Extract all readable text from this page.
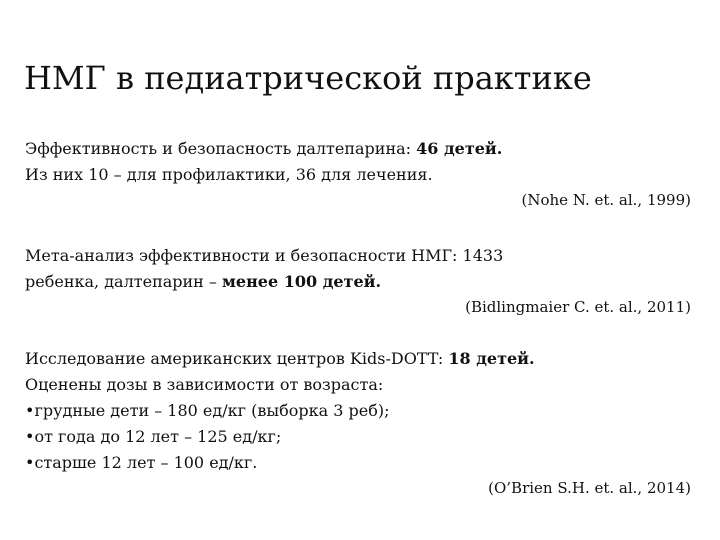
НМГ в педиатрической практике
Эффективность и безопасность далтепарина: 46 детей.
Из них 10 – для профилактики, 36 для лечения.
(Nohe N. et. al., 1999)
Мета-анализ эффективности и безопасности НМГ: 1433
ребенка, далтепарин – менее 100 детей.
(Bidlingmaier C. et. al., 2011)
Исследование американских центров Kids-DOTT: 18 детей.
Оценены дозы в зависимости от возраста:
•грудные дети – 180 ед/кг (выборка 3 реб);
•от года до 12 лет – 125 ед/кг;
•старше 12 лет – 100 ед/кг.
(O’Brien S.H. et. al., 2014)
